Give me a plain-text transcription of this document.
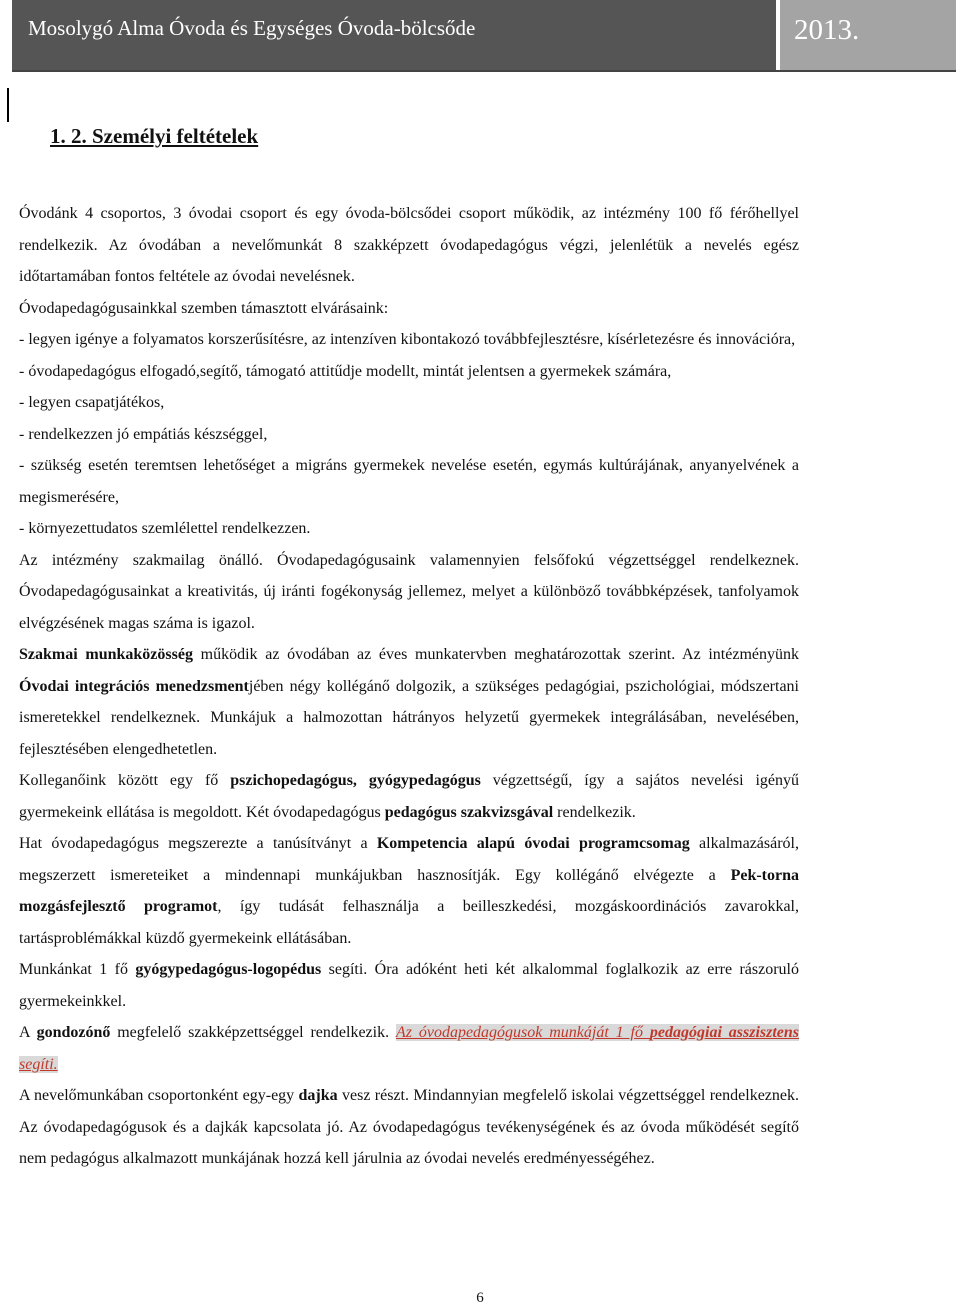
Mosolygó Alma Óvoda és Egységes Óvoda-bölcsőde	2013.
1. 2. Személyi feltételek

Óvodánk 4 csoportos, 3 óvodai csoport és egy óvoda-bölcsődei csoport működik, az intézmény 100 fő férőhellyel rendelkezik. Az óvodában a nevelőmunkát 8 szakképzett óvodapedagógus végzi, jelenlétük a nevelés egész időtartamában fontos feltétele az óvodai nevelésnek.

Óvodapedagógusainkkal szemben támasztott elvárásaink:

- legyen igénye a folyamatos korszerűsítésre, az intenzíven kibontakozó továbbfejlesztésre, kísérletezésre és innovációra,

- óvodapedagógus elfogadó,segítő, támogató attitűdje modellt, mintát jelentsen a gyermekek számára,

- legyen csapatjátékos,

- rendelkezzen jó empátiás készséggel,

- szükség esetén teremtsen lehetőséget a migráns gyermekek nevelése esetén, egymás kultúrájának, anyanyelvének a megismerésére,

- környezettudatos szemlélettel rendelkezzen.

Az intézmény szakmailag önálló. Óvodapedagógusaink valamennyien felsőfokú végzettséggel rendelkeznek. Óvodapedagógusainkat a kreativitás, új iránti fogékonyság jellemez, melyet a különböző továbbképzések, tanfolyamok elvégzésének magas száma is igazol.

Szakmai munkaközösség működik az óvodában az éves munkatervben meghatározottak szerint. Az intézményünk Óvodai integrációs menedzsmentjében négy kollégánő dolgozik, a szükséges pedagógiai, pszichológiai, módszertani ismeretekkel rendelkeznek. Munkájuk a halmozottan hátrányos helyzetű gyermekek integrálásában, nevelésében, fejlesztésében elengedhetetlen.

Kolleganőink között egy fő pszichopedagógus, gyógypedagógus végzettségű, így a sajátos nevelési igényű gyermekeink ellátása is megoldott. Két óvodapedagógus pedagógus szakvizsgával rendelkezik.

Hat óvodapedagógus megszerezte a tanúsítványt a Kompetencia alapú óvodai programcsomag alkalmazásáról, megszerzett ismereteiket a mindennapi munkájukban hasznosítják. Egy kollégánő elvégezte a Pek-torna mozgásfejlesztő programot, így tudását felhasználja a beilleszkedési, mozgáskoordinációs zavarokkal, tartásproblémákkal küzdő gyermekeink ellátásában.

Munkánkat 1 fő gyógypedagógus-logopédus segíti. Óra adóként heti két alkalommal foglalkozik az erre rászoruló gyermekeinkkel.

A gondozónő megfelelő szakképzettséggel rendelkezik. Az óvodapedagógusok munkáját 1 fő pedagógiai asszisztens segíti.

A nevelőmunkában csoportonként egy-egy dajka vesz részt. Mindannyian megfelelő iskolai végzettséggel rendelkeznek. Az óvodapedagógusok és a dajkák kapcsolata jó. Az óvodapedagógus tevékenységének és az óvoda működését segítő nem pedagógus alkalmazott munkájának hozzá kell járulnia az óvodai nevelés eredményességéhez.

6
